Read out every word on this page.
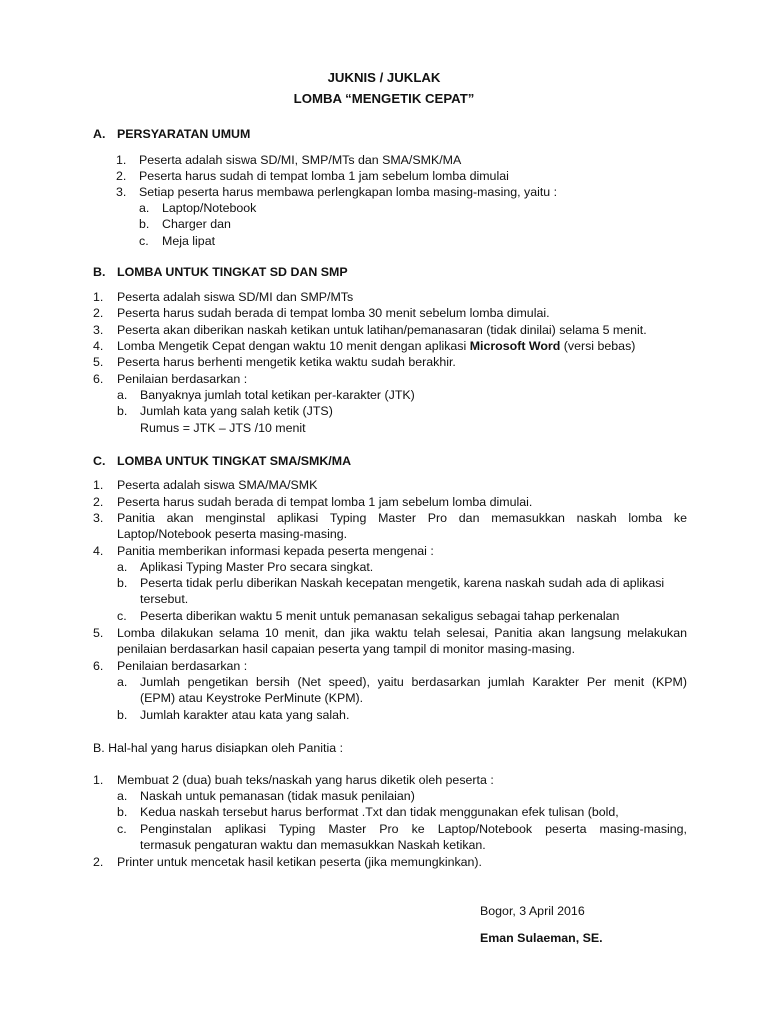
JUKNIS / JUKLAK
LOMBA “MENGETIK CEPAT”
A. PERSYARATAN UMUM
1. Peserta adalah siswa SD/MI, SMP/MTs dan SMA/SMK/MA
2. Peserta harus sudah di tempat lomba 1 jam sebelum lomba dimulai
3. Setiap peserta harus membawa perlengkapan lomba masing-masing, yaitu :
a. Laptop/Notebook
b. Charger dan
c. Meja lipat
B. LOMBA UNTUK TINGKAT SD DAN SMP
1. Peserta adalah siswa SD/MI dan SMP/MTs
2. Peserta harus sudah berada di tempat lomba 30 menit sebelum lomba dimulai.
3. Peserta akan diberikan naskah ketikan untuk latihan/pemanasaran (tidak dinilai) selama 5 menit.
4. Lomba Mengetik Cepat dengan waktu 10 menit dengan aplikasi Microsoft Word (versi bebas)
5. Peserta harus berhenti mengetik ketika waktu sudah berakhir.
6. Penilaian berdasarkan :
a. Banyaknya jumlah total ketikan per-karakter (JTK)
b. Jumlah kata yang salah ketik (JTS)
Rumus = JTK – JTS /10 menit
C. LOMBA UNTUK TINGKAT SMA/SMK/MA
1. Peserta adalah siswa SMA/MA/SMK
2. Peserta harus sudah berada di tempat lomba 1 jam sebelum lomba dimulai.
3. Panitia akan menginstal aplikasi Typing Master Pro dan memasukkan naskah lomba ke
Laptop/Notebook peserta masing-masing.
4. Panitia memberikan informasi kepada peserta mengenai :
a. Aplikasi Typing Master Pro secara singkat.
b. Peserta tidak perlu diberikan Naskah kecepatan mengetik, karena naskah sudah ada di aplikasi
tersebut.
c. Peserta diberikan waktu 5 menit untuk pemanasan sekaligus sebagai tahap perkenalan
5. Lomba dilakukan selama 10 menit, dan jika waktu telah selesai, Panitia akan langsung melakukan
penilaian berdasarkan hasil capaian peserta yang tampil di monitor masing-masing.
6. Penilaian berdasarkan :
a. Jumlah pengetikan bersih (Net speed), yaitu berdasarkan jumlah Karakter Per menit (KPM)
(EPM) atau Keystroke PerMinute (KPM).
b. Jumlah karakter atau kata yang salah.
B. Hal-hal yang harus disiapkan oleh Panitia :
1. Membuat 2 (dua) buah teks/naskah yang harus diketik oleh peserta :
a. Naskah untuk pemanasan (tidak masuk penilaian)
b. Kedua naskah tersebut harus berformat .Txt dan tidak menggunakan efek tulisan (bold,
c. Penginstalan aplikasi Typing Master Pro ke Laptop/Notebook peserta masing-masing,
termasuk pengaturan waktu dan memasukkan Naskah ketikan.
2. Printer untuk mencetak hasil ketikan peserta (jika memungkinkan).
Bogor, 3 April 2016
Eman Sulaeman, SE.
